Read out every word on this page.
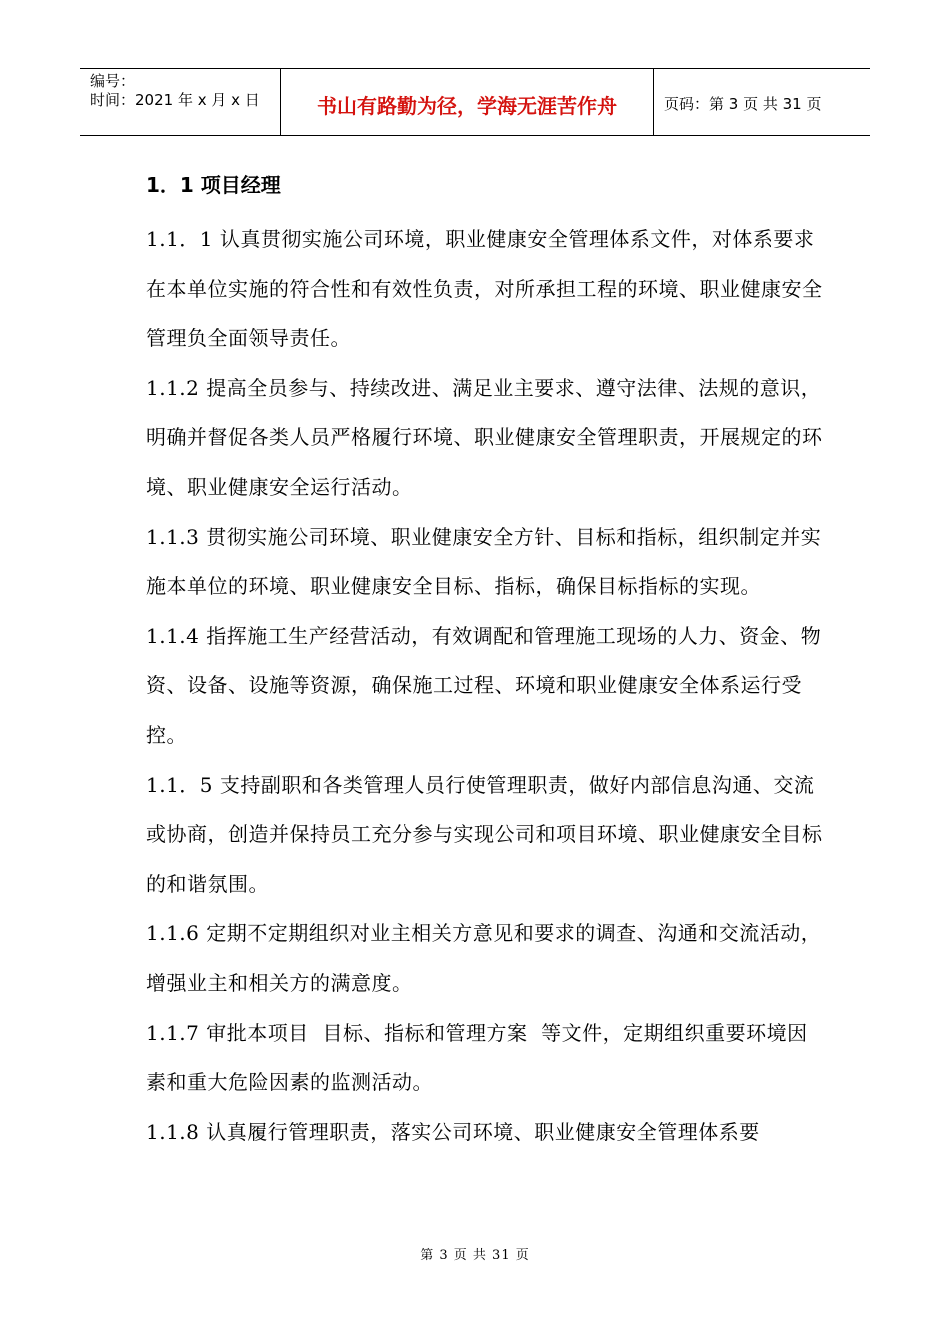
编号：
时间：2021 年 x 月 x 日	书山有路勤为径，学海无涯苦作舟	页码：第 3 页 共 31 页
1．1 项目经理

1.1．1 认真贯彻实施公司环境，职业健康安全管理体系文件，对体系要求在本单位实施的符合性和有效性负责，对所承担工程的环境、职业健康安全管理负全面领导责任。

1.1.2 提高全员参与、持续改进、满足业主要求、遵守法律、法规的意识，明确并督促各类人员严格履行环境、职业健康安全管理职责，开展规定的环境、职业健康安全运行活动。

1.1.3 贯彻实施公司环境、职业健康安全方针、目标和指标，组织制定并实施本单位的环境、职业健康安全目标、指标，确保目标指标的实现。

1.1.4 指挥施工生产经营活动，有效调配和管理施工现场的人力、资金、物资、设备、设施等资源，确保施工过程、环境和职业健康安全体系运行受控。

1.1．5 支持副职和各类管理人员行使管理职责，做好内部信息沟通、交流或协商，创造并保持员工充分参与实现公司和项目环境、职业健康安全目标的和谐氛围。

1.1.6 定期不定期组织对业主相关方意见和要求的调查、沟通和交流活动，增强业主和相关方的满意度。

1.1.7 审批本项目  目标、指标和管理方案  等文件，定期组织重要环境因素和重大危险因素的监测活动。

1.1.8 认真履行管理职责，落实公司环境、职业健康安全管理体系要

第 3 页 共 31 页
